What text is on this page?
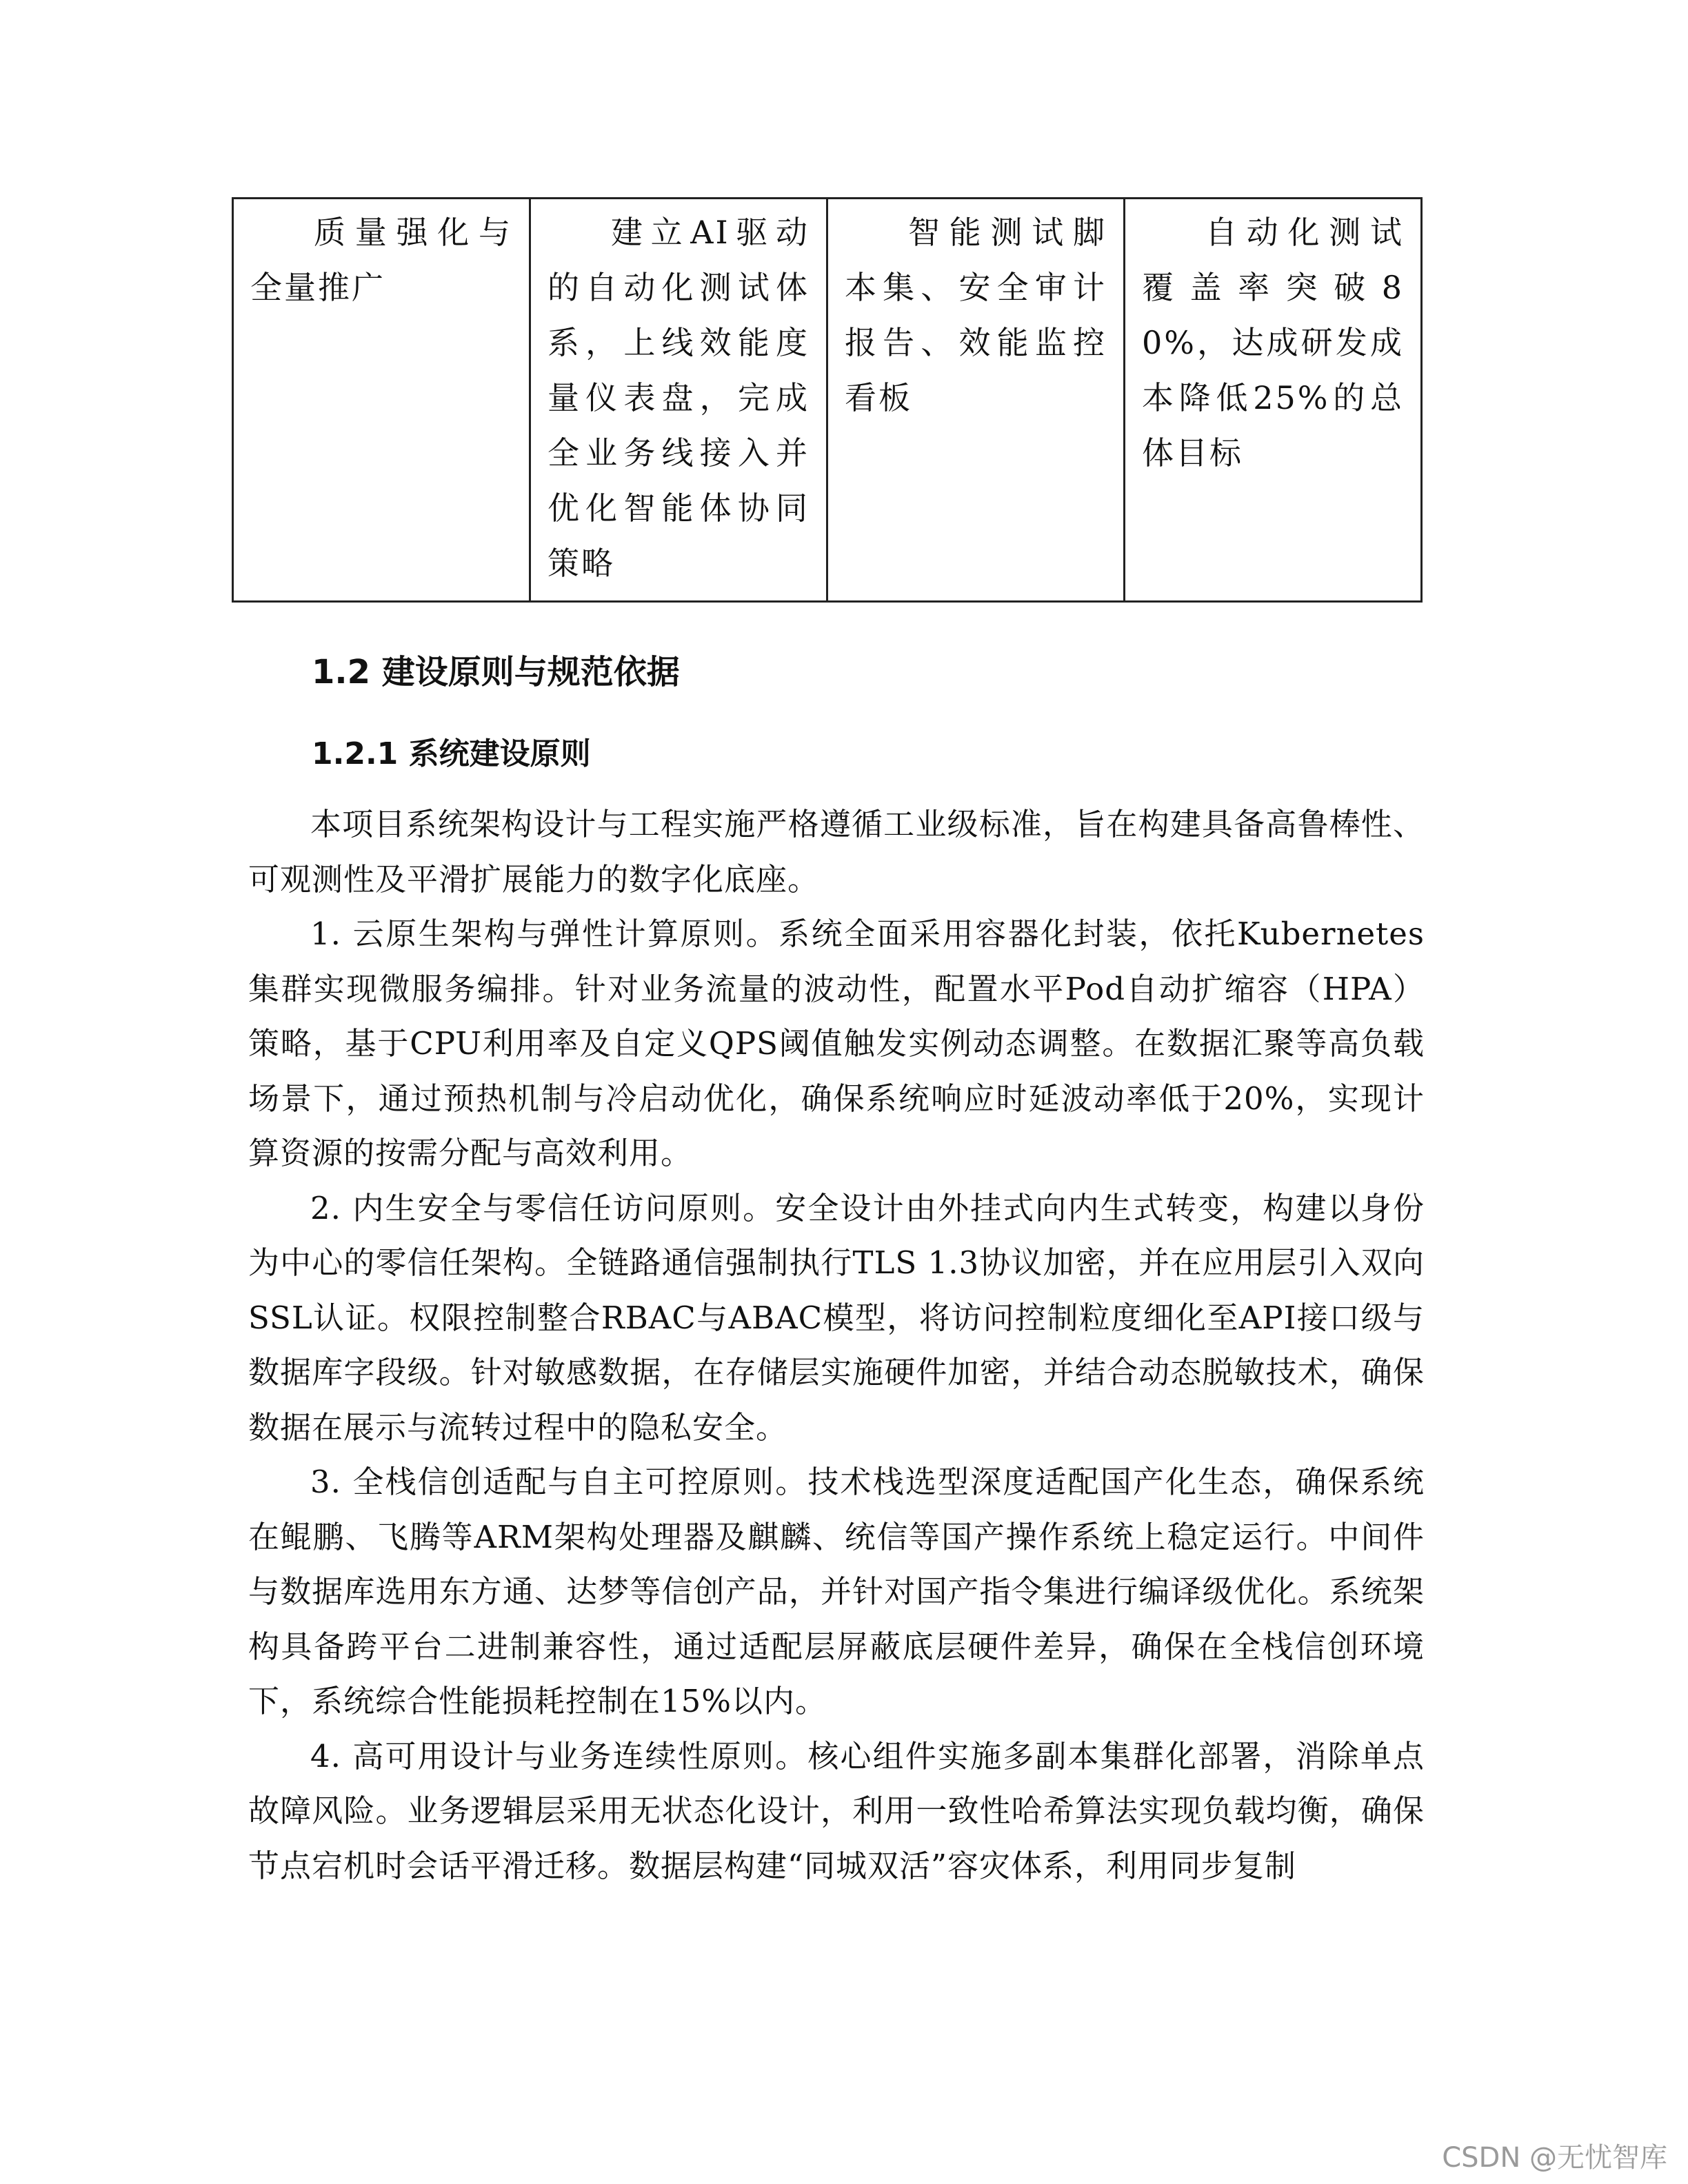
质量强化与全量推广	建立AI驱动的自动化测试体系，上线效能度量仪表盘，完成全业务线接入并优化智能体协同策略	智能测试脚本集、安全审计报告、效能监控看板	自动化测试覆盖率突破80%，达成研发成本降低25%的总体目标
1.2 建设原则与规范依据
1.2.1 系统建设原则

本项目系统架构设计与工程实施严格遵循工业级标准，旨在构建具备高鲁棒性、可观测性及平滑扩展能力的数字化底座。

1. 云原生架构与弹性计算原则。系统全面采用容器化封装，依托Kubernetes集群实现微服务编排。针对业务流量的波动性，配置水平Pod自动扩缩容（HPA）策略，基于CPU利用率及自定义QPS阈值触发实例动态调整。在数据汇聚等高负载场景下，通过预热机制与冷启动优化，确保系统响应时延波动率低于20%，实现计算资源的按需分配与高效利用。

2. 内生安全与零信任访问原则。安全设计由外挂式向内生式转变，构建以身份为中心的零信任架构。全链路通信强制执行TLS 1.3协议加密，并在应用层引入双向SSL认证。权限控制整合RBAC与ABAC模型，将访问控制粒度细化至API接口级与数据库字段级。针对敏感数据，在存储层实施硬件加密，并结合动态脱敏技术，确保数据在展示与流转过程中的隐私安全。

3. 全栈信创适配与自主可控原则。技术栈选型深度适配国产化生态，确保系统在鲲鹏、飞腾等ARM架构处理器及麒麟、统信等国产操作系统上稳定运行。中间件与数据库选用东方通、达梦等信创产品，并针对国产指令集进行编译级优化。系统架构具备跨平台二进制兼容性，通过适配层屏蔽底层硬件差异，确保在全栈信创环境下，系统综合性能损耗控制在15%以内。

4. 高可用设计与业务连续性原则。核心组件实施多副本集群化部署，消除单点故障风险。业务逻辑层采用无状态化设计，利用一致性哈希算法实现负载均衡，确保节点宕机时会话平滑迁移。数据层构建“同城双活”容灾体系，利用同步复制

CSDN @无忧智库
